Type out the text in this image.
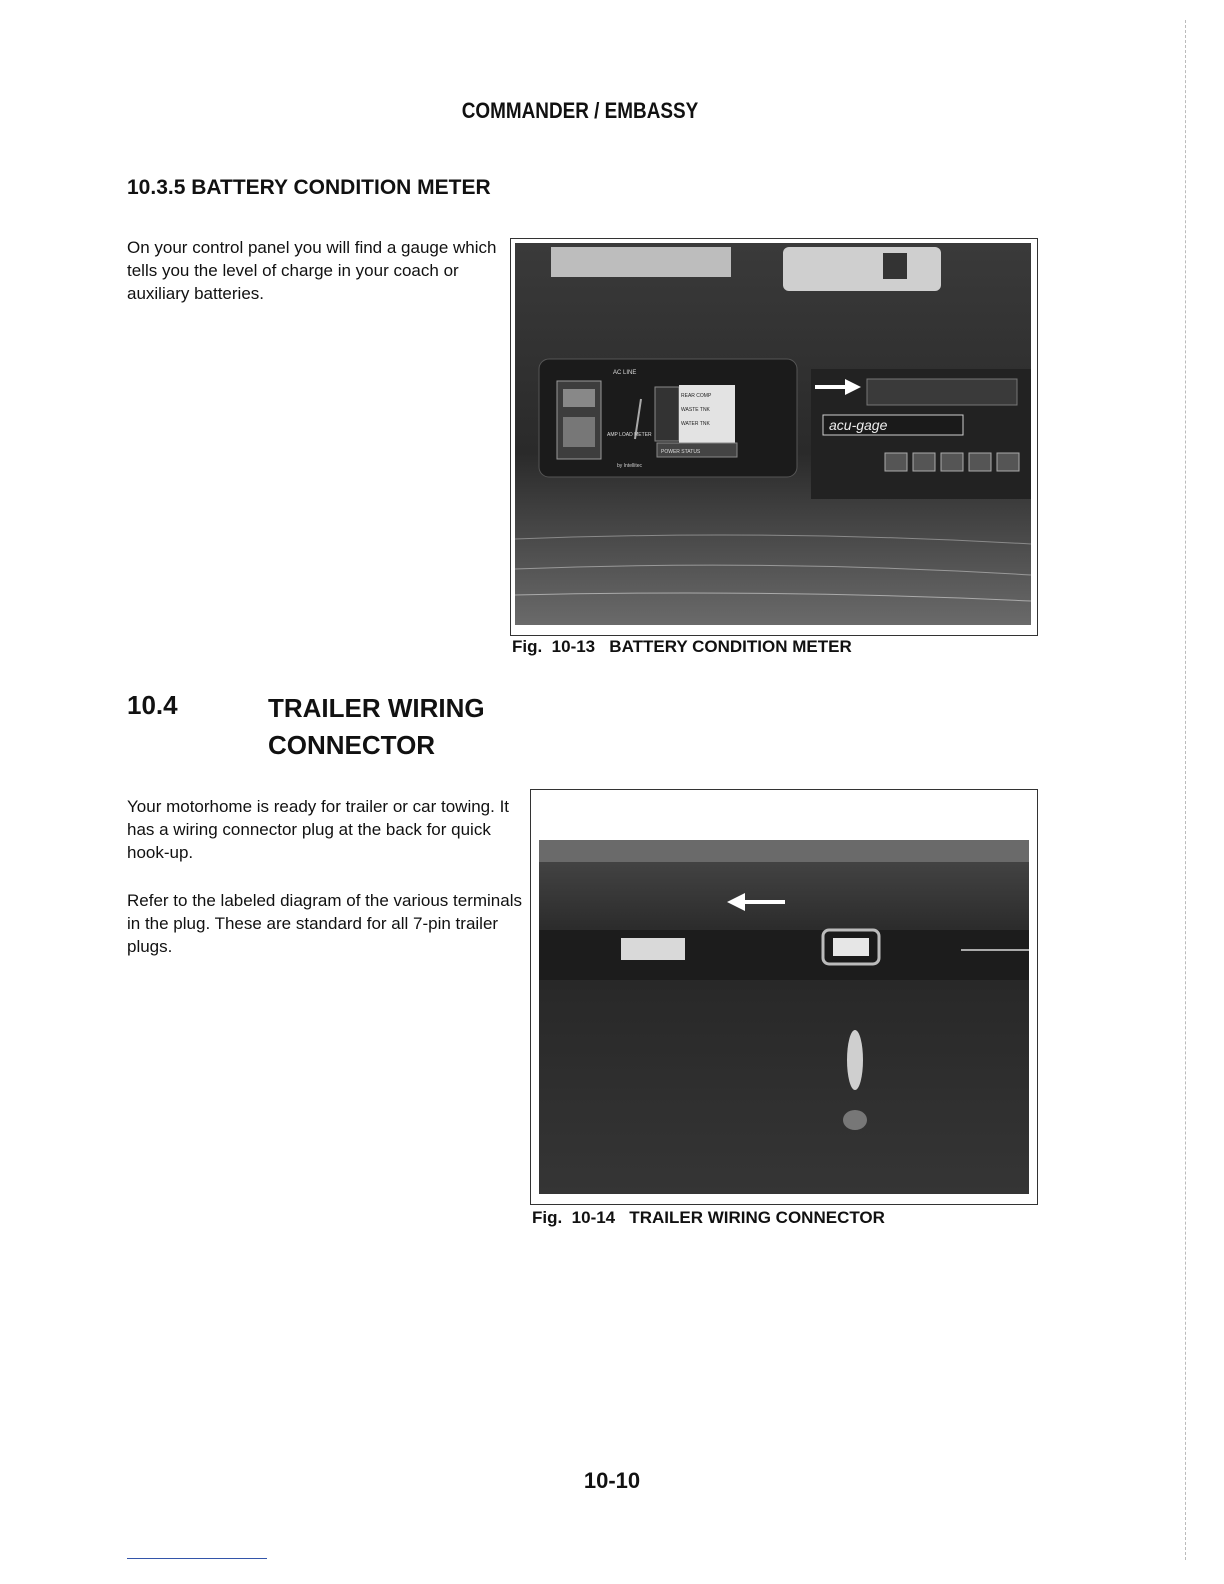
COMMANDER / EMBASSY
10.3.5 BATTERY CONDITION METER
On your control panel you will find a gauge which tells you the level of charge in your coach or auxiliary batteries.
AC LINE
AMP LOAD METER
by Intellitec
REAR COMP
WASTE TNK
WATER TNK
POWER STATUS
acu-gage
Fig.  10-13   BATTERY CONDITION METER
10.4	TRAILER WIRING CONNECTOR
Your motorhome is ready for trailer or car towing. It has a wiring connector plug at the back for quick hook-up.
Refer to the labeled diagram of the various terminals in the plug. These are standard for all 7-pin trailer plugs.
Fig.  10-14   TRAILER WIRING CONNECTOR
10-10
